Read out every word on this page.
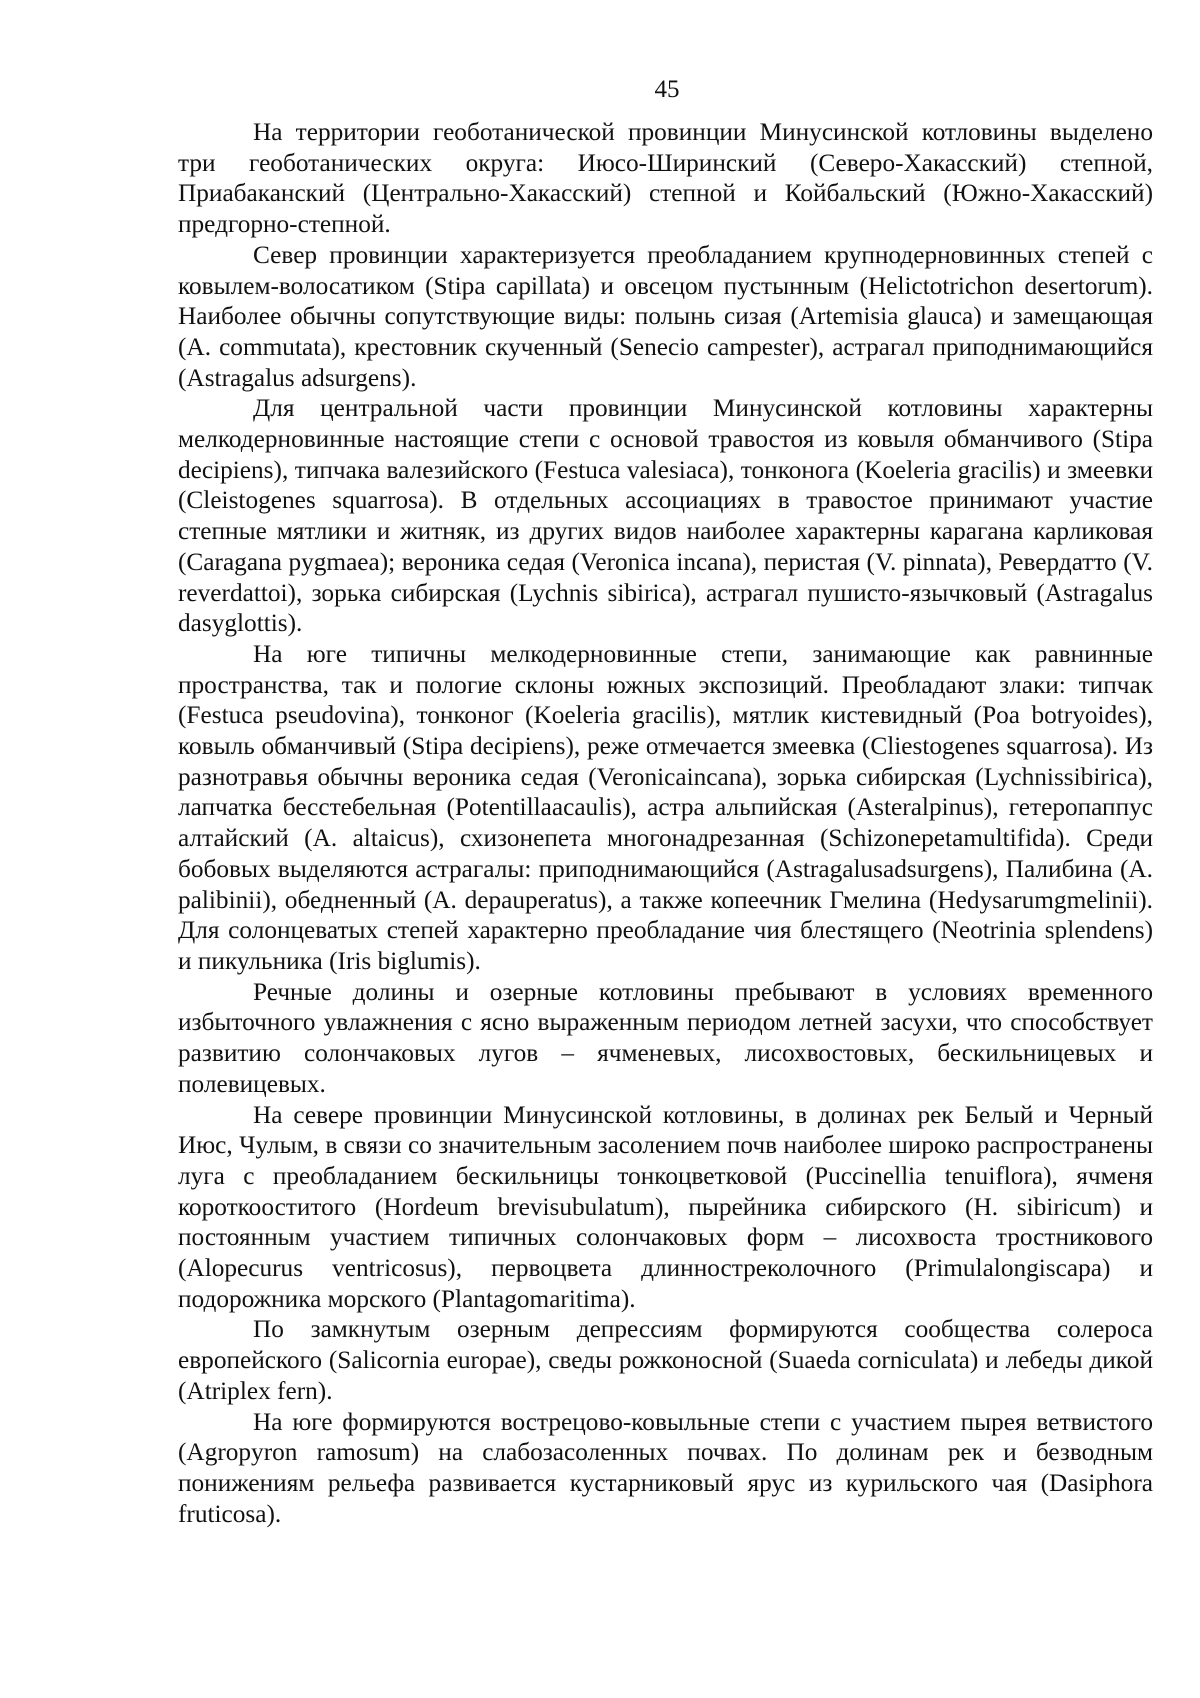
45

На территории геоботанической провинции Минусинской котловины выделено три геоботанических округа: Июсо-Ширинский (Северо-Хакасский) степной, Приабаканский (Центрально-Хакасский) степной и Койбальский (Южно-Хакасский) предгорно-степной.

Север провинции характеризуется преобладанием крупнодерновинных степей с ковылем-волосатиком (Stipa capillata) и овсецом пустынным (Helictotrichon desertorum). Наиболее обычны сопутствующие виды: полынь сизая (Artemisia glauca) и замещающая (A. commutata), крестовник скученный (Senecio campester), астрагал приподнимающийся (Astragalus adsurgens).

Для центральной части провинции Минусинской котловины характерны мелкодерновинные настоящие степи с основой травостоя из ковыля обманчивого (Stipa decipiens), типчака валезийского (Festuca valesiaca), тонконога (Koeleria gracilis) и змеевки (Cleistogenes squarrosa). В отдельных ассоциациях в травостое принимают участие степные мятлики и житняк, из других видов наиболее характерны карагана карликовая (Caragana pygmaea); вероника седая (Veronica incana), перистая (V. pinnata), Ревердатто (V. reverdattoi), зорька сибирская (Lychnis sibirica), астрагал пушисто-язычковый (Astragalus dasyglottis).

На юге типичны мелкодерновинные степи, занимающие как равнинные пространства, так и пологие склоны южных экспозиций. Преобладают злаки: типчак (Festuca pseudovina), тонконог (Koeleria gracilis), мятлик кистевидный (Poa botryoides), ковыль обманчивый (Stipa decipiens), реже отмечается змеевка (Cliestogenes squarrosa). Из разнотравья обычны вероника седая (Veronicaincana), зорька сибирская (Lychnissibirica), лапчатка бесстебельная (Potentillaacaulis), астра альпийская (Asteralpinus), гетеропаппус алтайский (A. altaicus), схизонепета многонадрезанная (Schizonepetamultifida). Среди бобовых выделяются астрагалы: приподнимающийся (Astragalusadsurgens), Палибина (A. palibinii), обедненный (A. depauperatus), а также копеечник Гмелина (Hedysarumgmelinii). Для солонцеватых степей характерно преобладание чия блестящего (Neotrinia splendens) и пикульника (Iris biglumis).

Речные долины и озерные котловины пребывают в условиях временного избыточного увлажнения с ясно выраженным периодом летней засухи, что способствует развитию солончаковых лугов – ячменевых, лисохвостовых, бескильницевых и полевицевых.

На севере провинции Минусинской котловины, в долинах рек Белый и Черный Июс, Чулым, в связи со значительным засолением почв наиболее широко распространены луга с преобладанием бескильницы тонкоцветковой (Puccinellia tenuiflora), ячменя короткооститого (Hordeum brevisubulatum), пырейника сибирского (H. sibiricum) и постоянным участием типичных солончаковых форм – лисохвоста тростникового (Alopecurus ventricosus), первоцвета длинностреколочного (Primulalongiscapa) и подорожника морского (Plantagomaritima).

По замкнутым озерным депрессиям формируются сообщества солероса европейского (Salicornia europae), сведы рожконосной (Suaeda corniculata) и лебеды дикой (Atriplex fern).

На юге формируются вострецово-ковыльные степи с участием пырея ветвистого (Agropyron ramosum) на слабозасоленных почвах. По долинам рек и безводным понижениям рельефа развивается кустарниковый ярус из курильского чая (Dasiphora fruticosa).
